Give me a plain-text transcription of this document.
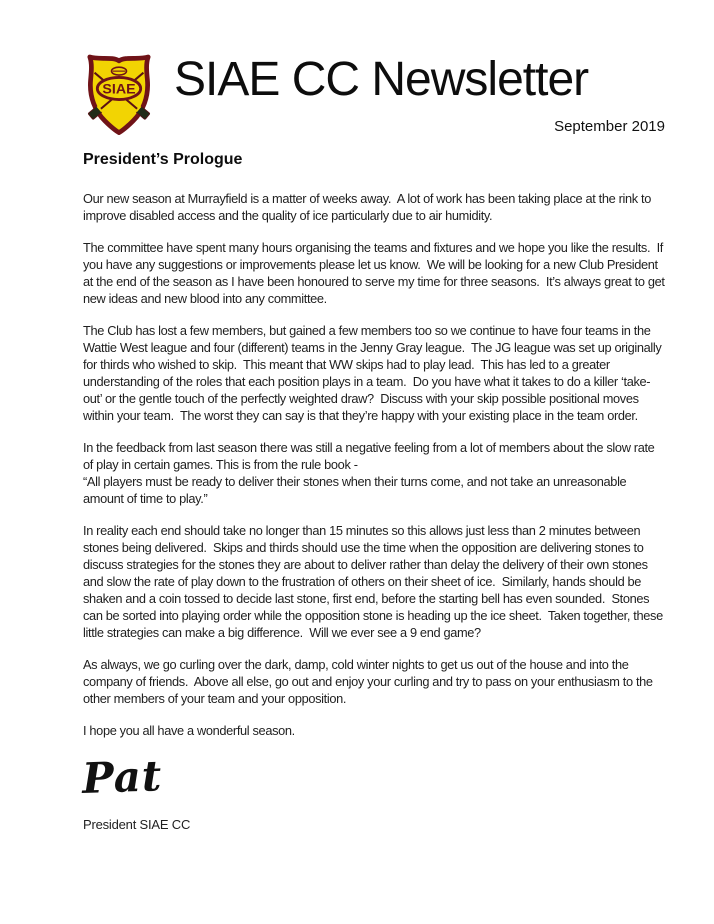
SIAE SIAE CC Newsletter
September 2019
President’s Prologue

Our new season at Murrayfield is a matter of weeks away.  A lot of work has been taking place at the rink to improve disabled access and the quality of ice particularly due to air humidity.

The committee have spent many hours organising the teams and fixtures and we hope you like the results.  If you have any suggestions or improvements please let us know.  We will be looking for a new Club President at the end of the season as I have been honoured to serve my time for three seasons.  It’s always great to get new ideas and new blood into any committee.

The Club has lost a few members, but gained a few members too so we continue to have four teams in the Wattie West league and four (different) teams in the Jenny Gray league.  The JG league was set up originally for thirds who wished to skip.  This meant that WW skips had to play lead.  This has led to a greater understanding of the roles that each position plays in a team.  Do you have what it takes to do a killer ‘take-out’ or the gentle touch of the perfectly weighted draw?  Discuss with your skip possible positional moves within your team.  The worst they can say is that they’re happy with your existing place in the team order.

In the feedback from last season there was still a negative feeling from a lot of members about the slow rate of play in certain games. This is from the rule book -

“All players must be ready to deliver their stones when their turns come, and not take an unreasonable amount of time to play.”

In reality each end should take no longer than 15 minutes so this allows just less than 2 minutes between stones being delivered.  Skips and thirds should use the time when the opposition are delivering stones to discuss strategies for the stones they are about to deliver rather than delay the delivery of their own stones and slow the rate of play down to the frustration of others on their sheet of ice.  Similarly, hands should be shaken and a coin tossed to decide last stone, first end, before the starting bell has even sounded.  Stones can be sorted into playing order while the opposition stone is heading up the ice sheet.  Taken together, these little strategies can make a big difference.  Will we ever see a 9 end game?

As always, we go curling over the dark, damp, cold winter nights to get us out of the house and into the company of friends.  Above all else, go out and enjoy your curling and try to pass on your enthusiasm to the other members of your team and your opposition.

I hope you all have a wonderful season.

Pat
President SIAE CC
